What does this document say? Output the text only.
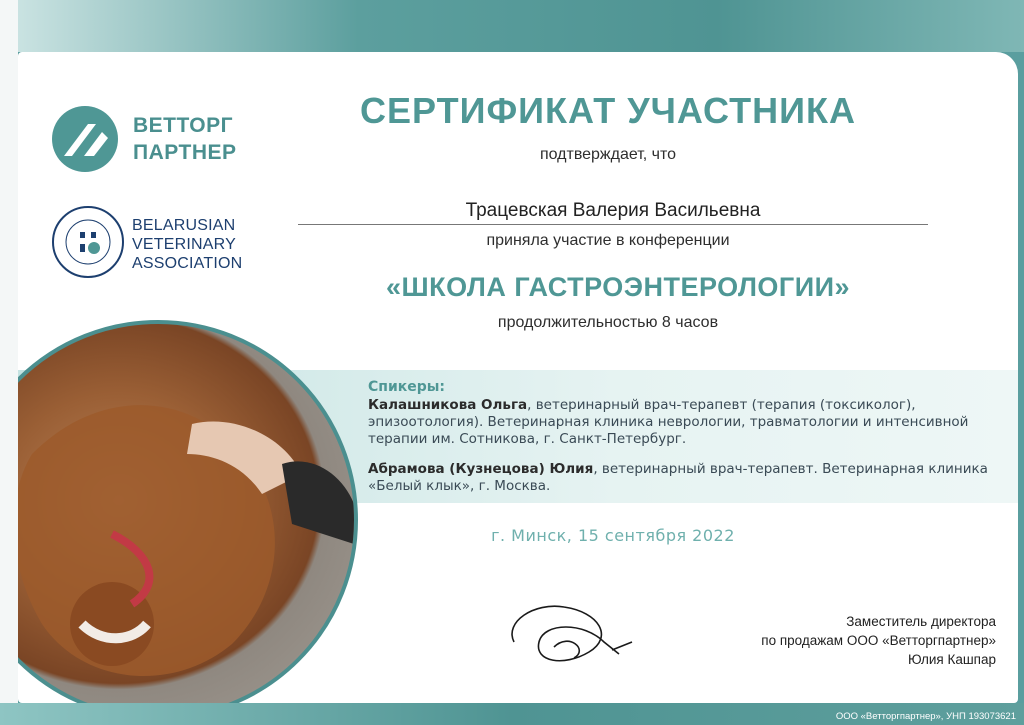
ВЕТТОРГ
ПАРТНЕР
BELARUSIAN
VETERINARY
ASSOCIATION
СЕРТИФИКАТ УЧАСТНИКА
подтверждает, что
Трацевская Валерия Васильевна
приняла участие в конференции
«ШКОЛА ГАСТРОЭНТЕРОЛОГИИ»
продолжительностью 8 часов
Спикеры:
Калашникова Ольга, ветеринарный врач-терапевт (терапия (токсиколог), эпизоотология). Ветеринарная клиника неврологии, травматологии и интенсивной терапии им. Сотникова, г. Санкт-Петербург.
Абрамова (Кузнецова) Юлия, ветеринарный врач-терапевт. Ветеринарная клиника «Белый клык», г. Москва.
г. Минск, 15 сентября 2022
Заместитель директора
по продажам ООО «Ветторгпартнер»
Юлия Кашпар
ООО «Ветторгпартнер», УНП 193073621
